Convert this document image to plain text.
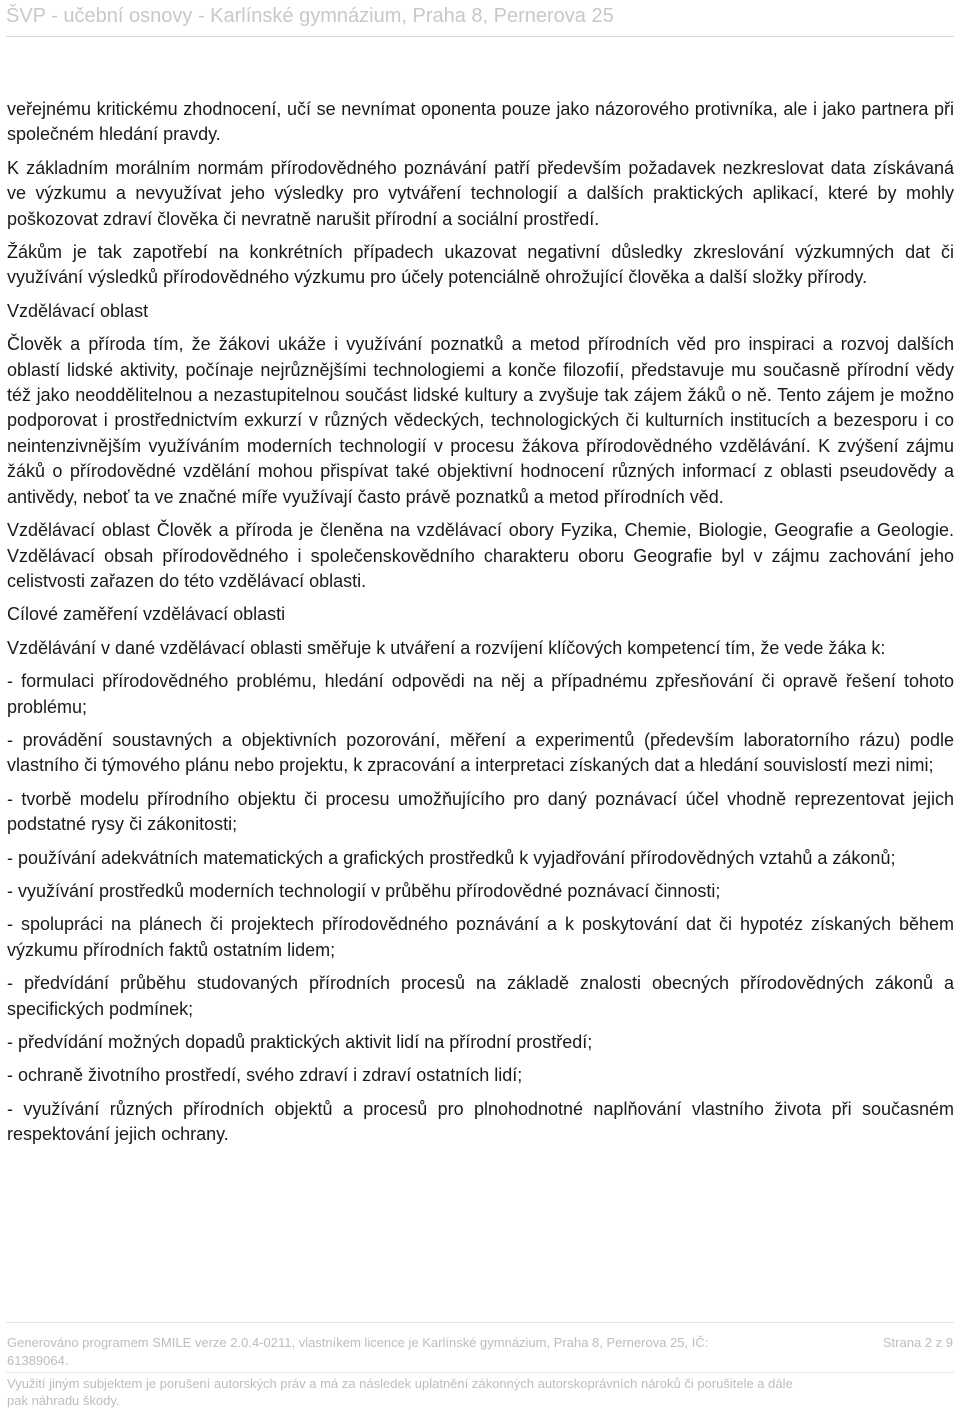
ŠVP - učební osnovy - Karlínské gymnázium, Praha 8, Pernerova 25

veřejnému kritickému zhodnocení, učí se nevnímat oponenta pouze jako názorového protivníka, ale i jako partnera při společném hledání pravdy.

K základním morálním normám přírodovědného poznávání patří především požadavek nezkreslovat data získávaná ve výzkumu a nevyužívat jeho výsledky pro vytváření technologií a dalších praktických aplikací, které by mohly poškozovat zdraví člověka či nevratně narušit přírodní a sociální prostředí.

Žákům je tak zapotřebí na konkrétních případech ukazovat negativní důsledky zkreslování výzkumných dat či využívání výsledků přírodovědného výzkumu pro účely potenciálně ohrožující člověka a další složky přírody.

Vzdělávací oblast

Člověk a příroda tím, že žákovi ukáže i využívání poznatků a metod přírodních věd pro inspiraci a rozvoj dalších oblastí lidské aktivity, počínaje nejrůznějšími technologiemi a konče filozofií, představuje mu současně přírodní vědy též jako neoddělitelnou a nezastupitelnou součást lidské kultury a zvyšuje tak zájem žáků o ně. Tento zájem je možno podporovat i prostřednictvím exkurzí v různých vědeckých, technologických či kulturních institucích a bezesporu i co neintenzivnějším využíváním moderních technologií v procesu žákova přírodovědného vzdělávání. K zvýšení zájmu žáků o přírodovědné vzdělání mohou přispívat také objektivní hodnocení různých informací z oblasti pseudovědy a antivědy, neboť ta ve značné míře využívají často právě poznatků a metod přírodních věd.

Vzdělávací oblast Člověk a příroda je členěna na vzdělávací obory Fyzika, Chemie, Biologie, Geografie a Geologie. Vzdělávací obsah přírodovědného i společenskovědního charakteru oboru Geografie byl v zájmu zachování jeho celistvosti zařazen do této vzdělávací oblasti.

Cílové zaměření vzdělávací oblasti

Vzdělávání v dané vzdělávací oblasti směřuje k utváření a rozvíjení klíčových kompetencí tím, že vede žáka k:

- formulaci přírodovědného problému, hledání odpovědi na něj a případnému zpřesňování či opravě řešení tohoto problému;

- provádění soustavných a objektivních pozorování, měření a experimentů (především laboratorního rázu) podle vlastního či týmového plánu nebo projektu, k zpracování a interpretaci získaných dat a hledání souvislostí mezi nimi;

- tvorbě modelu přírodního objektu či procesu umožňujícího pro daný poznávací účel vhodně reprezentovat jejich podstatné rysy či zákonitosti;

- používání adekvátních matematických a grafických prostředků k vyjadřování přírodovědných vztahů a zákonů;

- využívání prostředků moderních technologií v průběhu přírodovědné poznávací činnosti;

- spolupráci na plánech či projektech přírodovědného poznávání a k poskytování dat či hypotéz získaných během výzkumu přírodních faktů ostatním lidem;

- předvídání průběhu studovaných přírodních procesů na základě znalosti obecných přírodovědných zákonů a specifických podmínek;

- předvídání možných dopadů praktických aktivit lidí na přírodní prostředí;

- ochraně životního prostředí, svého zdraví i zdraví ostatních lidí;

- využívání různých přírodních objektů a procesů pro plnohodnotné naplňování vlastního života při současném respektování jejich ochrany.

Generováno programem SMILE verze 2.0.4-0211, vlastníkem licence je Karlínské gymnázium, Praha 8, Pernerova 25, IČ: 61389064.
Strana 2 z 9
Využití jiným subjektem je porušení autorských práv a má za následek uplatnění zákonných autorskoprávních nároků či porušitele a dále pak náhradu škody.
